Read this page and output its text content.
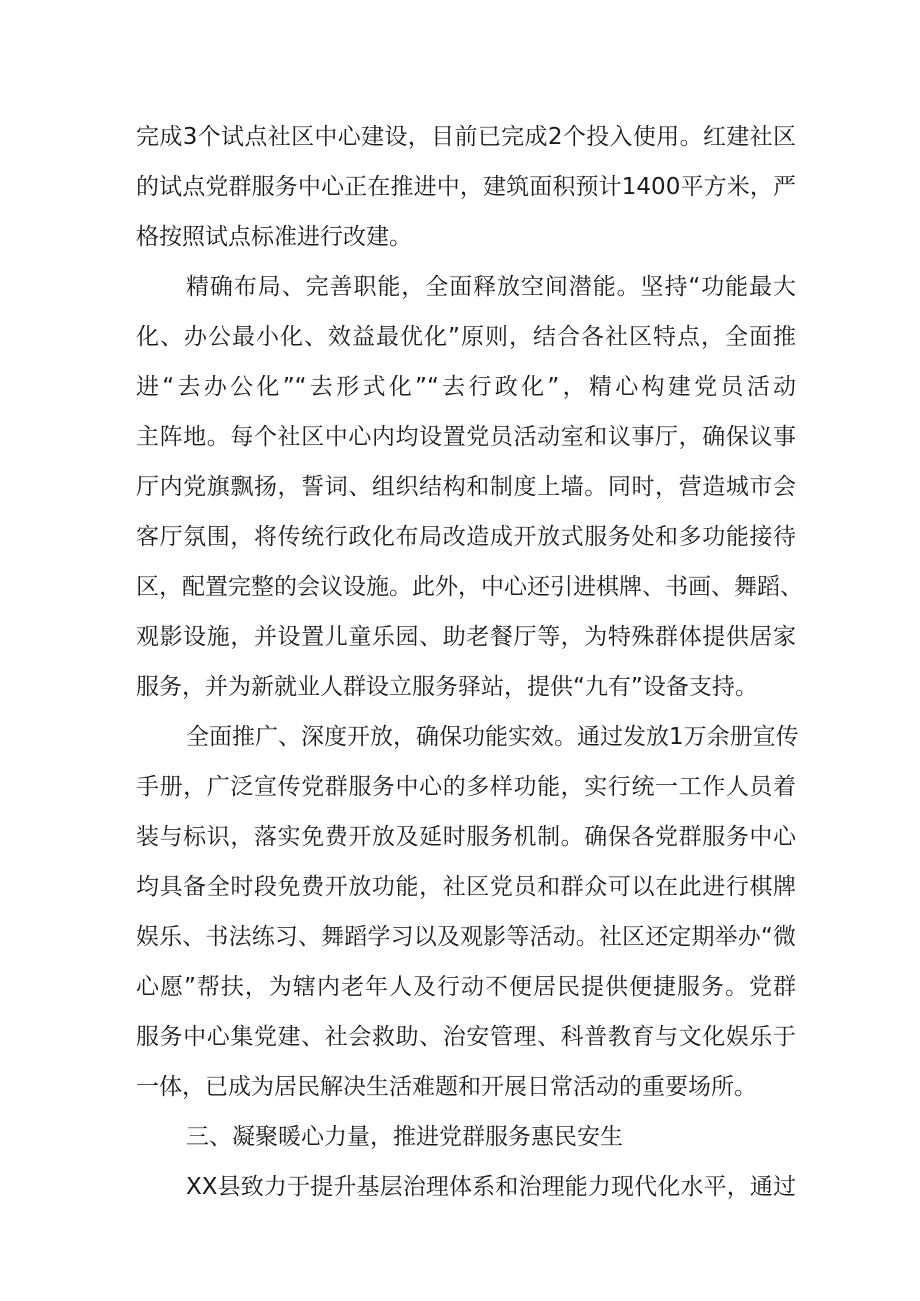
完成3个试点社区中心建设，目前已完成2个投入使用。红建社区
的试点党群服务中心正在推进中，建筑面积预计1400平方米，严
格按照试点标准进行改建。
精确布局、完善职能，全面释放空间潜能。坚持“功能最大
化、办公最小化、效益最优化”原则，结合各社区特点，全面推
进“去办公化”“去形式化”“去行政化”，精心构建党员活动
主阵地。每个社区中心内均设置党员活动室和议事厅，确保议事
厅内党旗飘扬，誓词、组织结构和制度上墙。同时，营造城市会
客厅氛围，将传统行政化布局改造成开放式服务处和多功能接待
区，配置完整的会议设施。此外，中心还引进棋牌、书画、舞蹈、
观影设施，并设置儿童乐园、助老餐厅等，为特殊群体提供居家
服务，并为新就业人群设立服务驿站，提供“九有”设备支持。
全面推广、深度开放，确保功能实效。通过发放1万余册宣传
手册，广泛宣传党群服务中心的多样功能，实行统一工作人员着
装与标识，落实免费开放及延时服务机制。确保各党群服务中心
均具备全时段免费开放功能，社区党员和群众可以在此进行棋牌
娱乐、书法练习、舞蹈学习以及观影等活动。社区还定期举办“微
心愿”帮扶，为辖内老年人及行动不便居民提供便捷服务。党群
服务中心集党建、社会救助、治安管理、科普教育与文化娱乐于
一体，已成为居民解决生活难题和开展日常活动的重要场所。
三、凝聚暖心力量，推进党群服务惠民安生
XX县致力于提升基层治理体系和治理能力现代化水平，通过
